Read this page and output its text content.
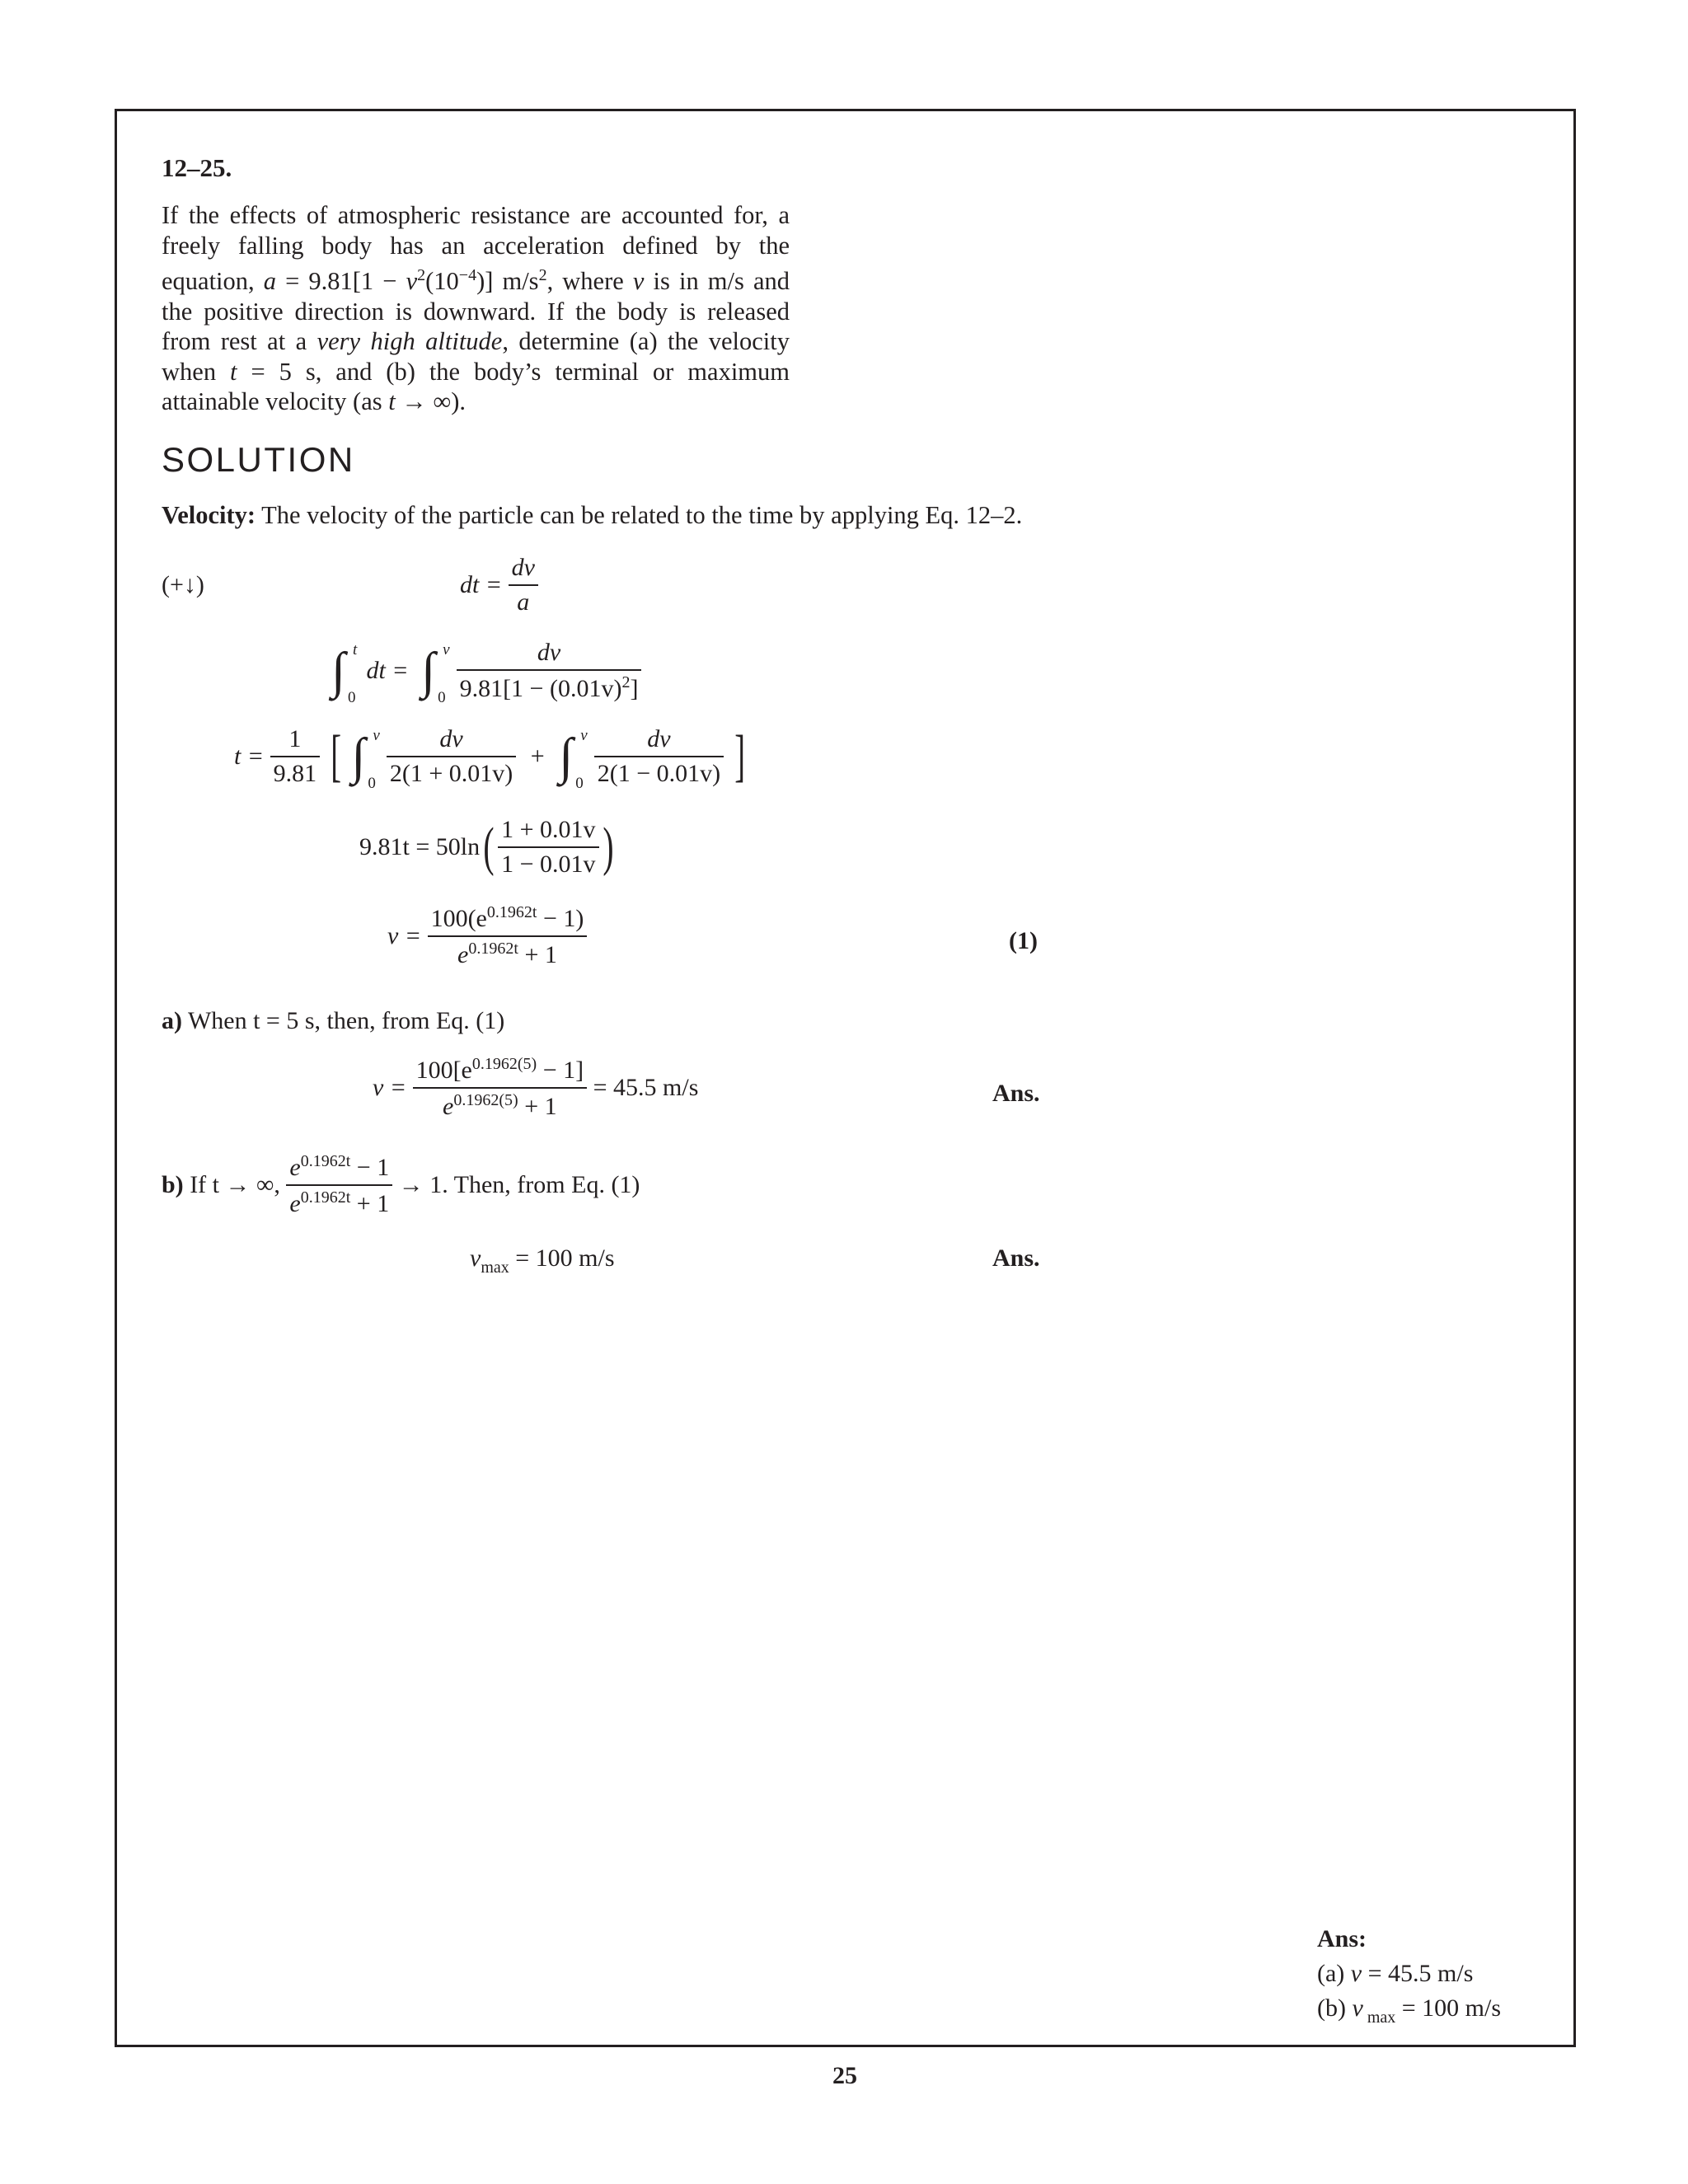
12–25.
If the effects of atmospheric resistance are accounted for, a freely falling body has an acceleration defined by the equation, $a = 9.81[1 - v^2(10^{-4})]$ $m/s^2$, where v is in m/s and the positive direction is downward. If the body is released from rest at a very high altitude, determine (a) the velocity when t = 5 s, and (b) the body’s terminal or maximum attainable velocity (as t → ∞).
SOLUTION
Velocity: The velocity of the particle can be related to the time by applying Eq. 12–2.
(+↓)	dt = $\frac{dv}{a}$
∫ t
0
dt = ∫ v
0
$\frac{dv}{9.81[1 - (0.01v)^2]}$
$t = \frac{1}{9.81}$ [ ∫ v
0
$\frac{dv}{2(1 + 0.01v)}$ + ∫ v
0
$\frac{dv}{2(1 - 0.01v)}$ ]
$9.81t = 50\ln( \frac{1 + 0.01v}{1 - 0.01v}$ )
$v = \frac{100(e^{0.1962t} - 1)}{e^{0.1962t} + 1}$	(1)
a) When t = 5 s, then, from Eq. (1)
$v = \frac{100[e^{0.1962(5)} - 1]}{e^{0.1962(5)} + 1} = 45.5$ m/s	Ans.
b) If t → ∞, $\frac{e^{0.1962t} - 1}{e^{0.1962t} + 1} \to 1$. Then, from Eq. (1)
$v_{max} = 100$ m/s	Ans.
Ans:
(a) v = 45.5 m/s
(b) v $_{max}$ = 100 m/s
25
